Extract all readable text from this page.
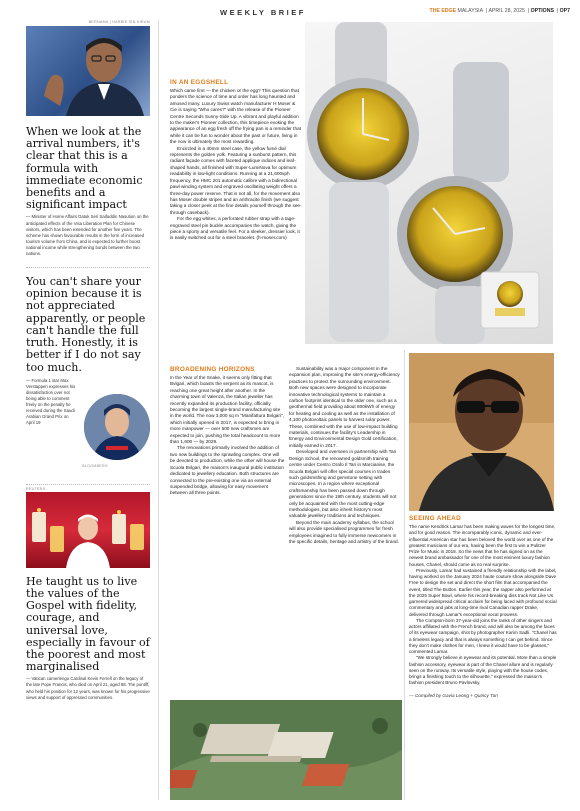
WEEKLY BRIEF	THE EDGE MALAYSIA  | APRIL 28, 2025  | OPTIONS  | OP7
BERNAMA | HARBIE SIN KIRUM
When we look at the arrival numbers, it's clear that this is a formula with immediate economic benefits and a significant impact
— Minister of Home Affairs Datuk Seri Saifuddin Nasution on the anticipated effects of the Visa Liberation Plan for Chinese visitors, which has been extended for another five years. The scheme has shown favourable results in the form of increased tourism volume from China, and is expected to further boost national income while strengthening bonds between the two nations.
You can't share your opinion because it is not appreciated apparently, or people can't handle the full truth. Honestly, it is better if I do not say too much.
— Formula 1 star Max Verstappen expresses his dissatisfaction over not being able to comment freely on the penalty he received during the Saudi Arabian Grand Prix on April 19
BLOOMBERG
REUTERS
He taught us to live the values of the Gospel with fidelity, courage, and universal love, especially in favour of the poorest and most marginalised
— Vatican camerlengo Cardinal Kevin Ferrell on the legacy of the late Pope Francis, who died on April 21, aged 88. The pontiff, who held his position for 12 years, was known for his progressive views and support of oppressed communities.
IN AN EGGSHELL

Which came first — the chicken or the egg? This question that ponders the science of time and order has long haunted and amused many. Luxury Swiss watch manufacturer H Moser & Cie is saying "Who cares?" with the release of the Pioneer Centre Seconds Sunny-Side Up. A vibrant and playful addition to the maker's Pioneer collection, this timepiece evoking the appearance of an egg fresh off the frying pan is a reminder that while it can be fun to wonder about the past or future, living in the now is ultimately the most rewarding.

Encircled in a 40mm steel case, the yellow fumé dial represents the golden yolk. Featuring a sunburst pattern, this radiant façade comes with faceted applique indices and leaf-shaped hands, all finished with Super-LumiNova for optimum readability in low-light conditions. Running at a 21,600vph frequency, the HMC 201 automatic calibre with a bidirectional pawl winding system and engraved oscillating weight offers a three-day power reserve. That is not all, for the movement also has Moser double stripes and an anthracite finish (we suggest taking a closer peek at the fine details yourself through the see-through caseback).

For the egg whites, a perforated rubber strap with a tage-engraved steel pin buckle accompanies the watch, giving the piece a sporty and versatile feel. For a sleeker, dressier look, it is easily switched out for a steel bracelet. (h-moser.com)

BROADENING HORIZONS

In the Year of the Snake, it seems only fitting that Bvlgari, which boasts the serpent as its mascot, is reaching one great height after another. In the charming town of Valenza, the Italian jeweller has recently expanded its production facility, officially becoming the largest single-brand manufacturing site in the world. The now 3,000 sq m "Manifattura Bvlgari", which initially opened in 2017, is expected to bring in more manpower — over 500 new craftsmen are expected to join, pushing the total headcount to more than 1,600 — by 2029.

The renovations primarily involved the addition of two new buildings to the sprawling complex. One will be devoted to production, while the other will house the Scuola Bvlgari, the maison's inaugural public institution dedicated to jewellery education. Both structures are connected to the pre-existing one via an external suspended bridge, allowing for easy movement between all three points.

Sustainability was a major component in the expansion plan, improving the site's energy-efficiency practices to protect the surrounding environment. Both new spaces were designed to incorporate innovative technological systems to maintain a carbon footprint identical to the older one, such as a geothermal field providing about 800kWh of energy for heating and cooling as well as the installation of 4,100 photovoltaic panels to harvest solar power. These, combined with the use of low-impact building materials, continues the facility's Leadership in Energy and Environmental Design Gold certification, initially earned in 2017.

Developed and overseen in partnership with Tari Design School, the renowned goldsmith training centre under Centro Orafo Il Tari in Marcianise, the Scuola Bvlgari will offer special courses in trades such goldsmithing and gemstone setting with microscopes. In a region where exceptional craftsmanship has been passed down through generations since the 19th century, students will not only be acquainted with the most cutting-edge methodologies, but also inherit history's most valuable jewellery traditions and techniques.

Beyond the main academy syllabus, the school will also provide specialised programmes for fresh employees imagined to fully immerse newcomers in the specific details, heritage and artistry of the brand.

SEEING AHEAD

The name Kendrick Lamar has been making waves for the longest time, and for good reason. The incomparably iconic, dynamic and ever-influential American star has been beloved the world over as one of the greatest musicians of our era, having been the first to win a Pulitzer Prize for Music in 2018. So the news that he has signed on as the newest brand ambassador for one of the most eminent luxury fashion houses, Chanel, should come as no real surprise.

Previously, Lamar had sustained a friendly relationship with the label, having worked on the January 2024 haute couture show alongside Dave Free to design the set and direct the short film that accompanied the event, titled The Button. Earlier this year, the rapper also performed at the 2025 Super Bowl, where his record-breaking diss track Not Like Us garnered widespread critical acclaim for being laced with profound social commentary and jabs at long-time rival Canadian rapper Drake, delivered through Lamar's exceptional vocal prowess.

The Compton-born 37-year-old joins the ranks of other singers and actors affiliated with the French brand, and will also be among the faces of its eyewear campaign, shot by photographer Karim Sadli. "Chanel has a timeless legacy and that is always something I can get behind. Since they don't make clothes for men, I knew it would have to be glasses," commented Lamar.

"We strongly believe in eyewear and its potential. More than a simple fashion accessory, eyewear is part of the Chanel allure and is regularly seen on the runway. Its versatile style, playing with the house codes, brings a finishing touch to the silhouette," expressed the maison's fashion president Bruno Pavlovsky.

— Compiled by Gavia Leong + Quincy Tan
